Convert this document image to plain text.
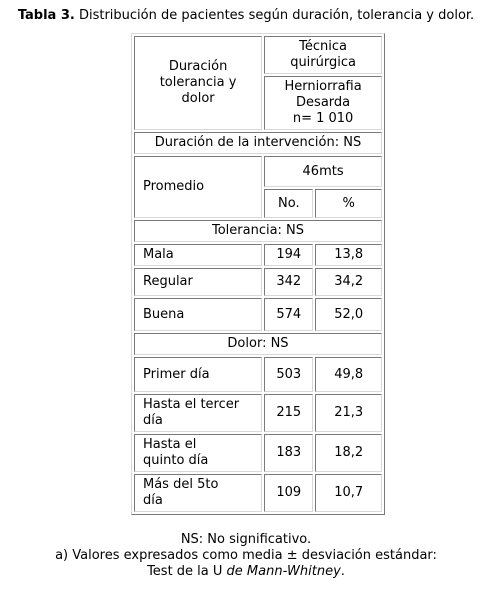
Tabla 3. Distribución de pacientes según duración, tolerancia y dolor.
Duración
tolerancia y
dolor	Técnica
quirúrgica	
	Herniorrafia
Desarda
n= 1 010	
Duración de la intervención: NS		
Promedio	46mts	
	No.	%
Tolerancia: NS		
Mala	194	13,8
Regular	342	34,2
Buena	574	52,0
Dolor: NS		
Primer día	503	49,8
Hasta el tercer
día	215	21,3
Hasta el
quinto día	183	18,2
Más del 5to
día	109	10,7
NS: No significativo.
a) Valores expresados como media ± desviación estándar:
Test de la U de Mann-Whitney.
